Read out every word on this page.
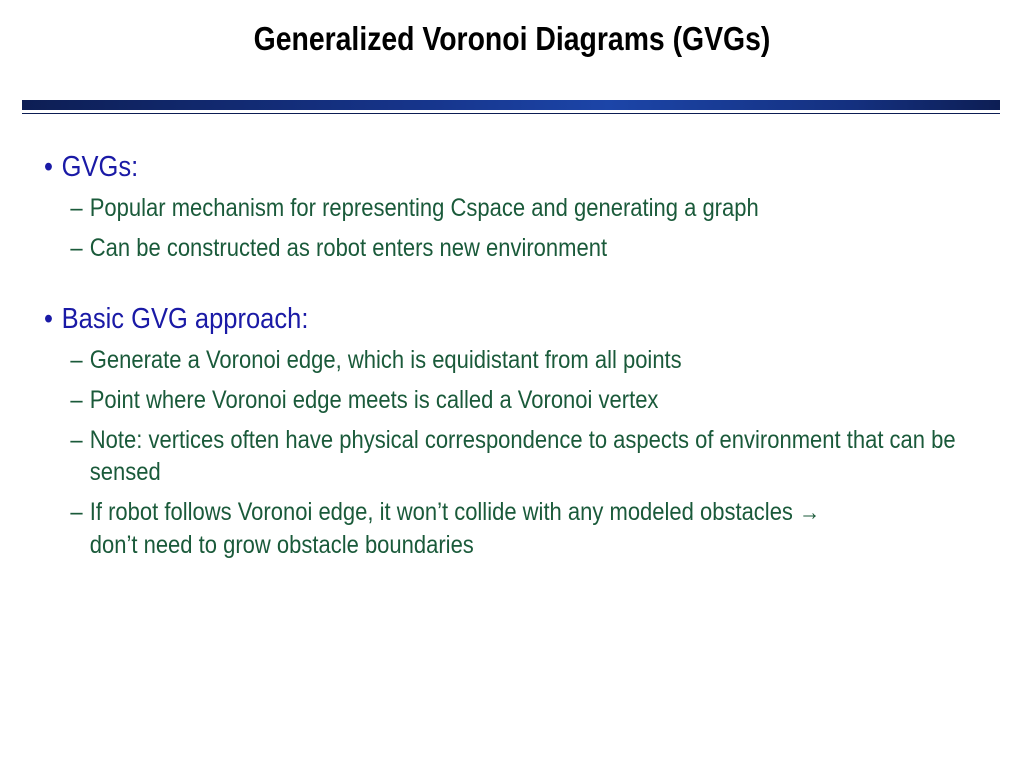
Generalized Voronoi Diagrams (GVGs)
• GVGs:
– Popular mechanism for representing Cspace and generating a graph
– Can be constructed as robot enters new environment
• Basic GVG approach:
– Generate a Voronoi edge, which is equidistant from all points
– Point where Voronoi edge meets is called a Voronoi vertex
– Note: vertices often have physical correspondence to aspects of environment that can be sensed
– If robot follows Voronoi edge, it won’t collide with any modeled obstacles →
don’t need to grow obstacle boundaries
